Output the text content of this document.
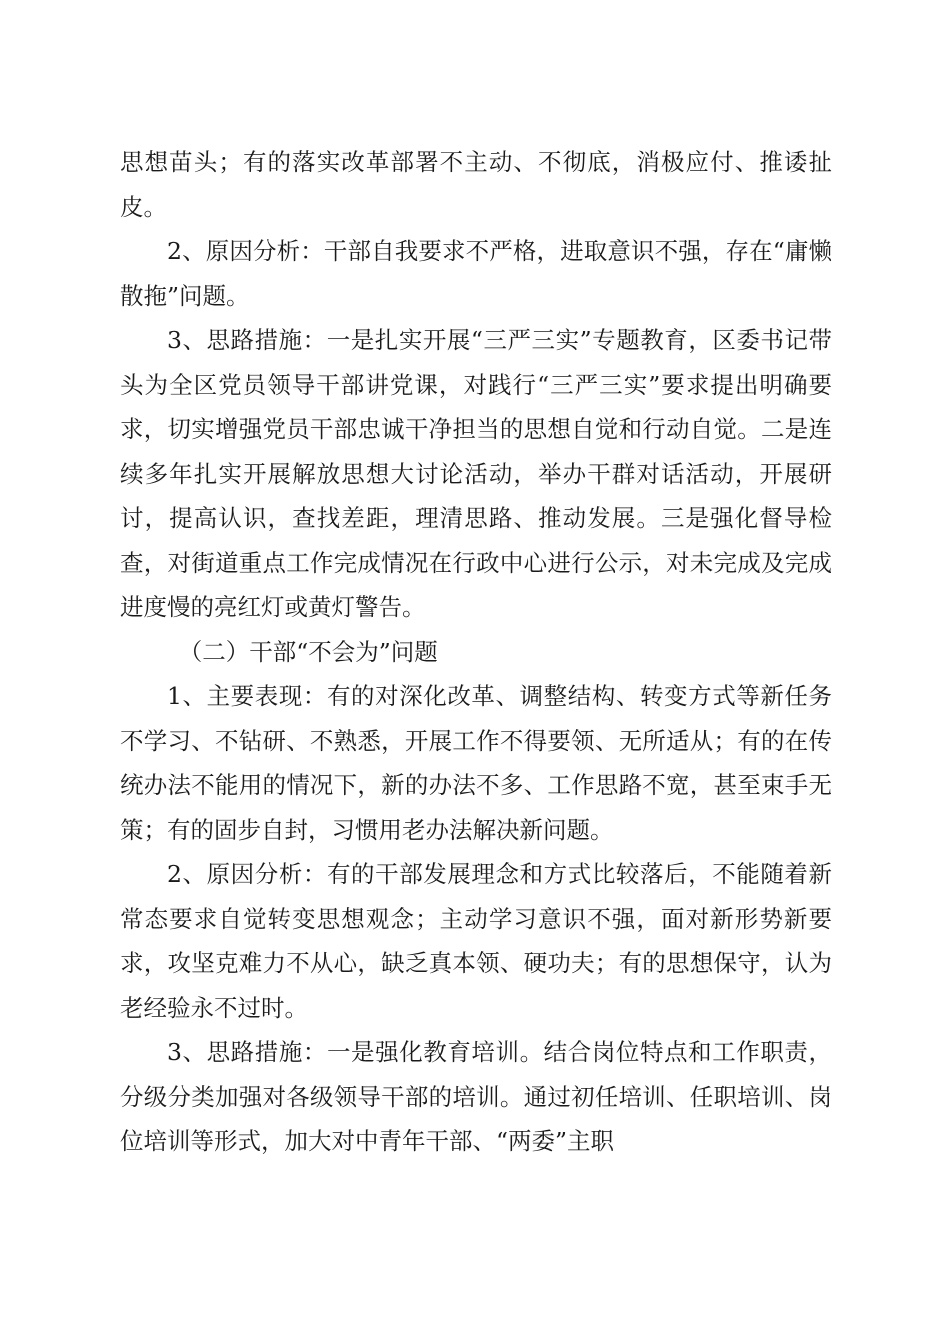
思想苗头；有的落实改革部署不主动、不彻底，消极应付、推诿扯皮。

2、原因分析：干部自我要求不严格，进取意识不强，存在“庸懒散拖”问题。

3、思路措施：一是扎实开展“三严三实”专题教育，区委书记带头为全区党员领导干部讲党课，对践行“三严三实”要求提出明确要求，切实增强党员干部忠诚干净担当的思想自觉和行动自觉。二是连续多年扎实开展解放思想大讨论活动，举办干群对话活动，开展研讨，提高认识，查找差距，理清思路、推动发展。三是强化督导检查，对街道重点工作完成情况在行政中心进行公示，对未完成及完成进度慢的亮红灯或黄灯警告。

（二）干部“不会为”问题

1、主要表现：有的对深化改革、调整结构、转变方式等新任务不学习、不钻研、不熟悉，开展工作不得要领、无所适从；有的在传统办法不能用的情况下，新的办法不多、工作思路不宽，甚至束手无策；有的固步自封，习惯用老办法解决新问题。

2、原因分析：有的干部发展理念和方式比较落后，不能随着新常态要求自觉转变思想观念；主动学习意识不强，面对新形势新要求，攻坚克难力不从心，缺乏真本领、硬功夫；有的思想保守，认为老经验永不过时。

3、思路措施：一是强化教育培训。结合岗位特点和工作职责，分级分类加强对各级领导干部的培训。通过初任培训、任职培训、岗位培训等形式，加大对中青年干部、“两委”主职
